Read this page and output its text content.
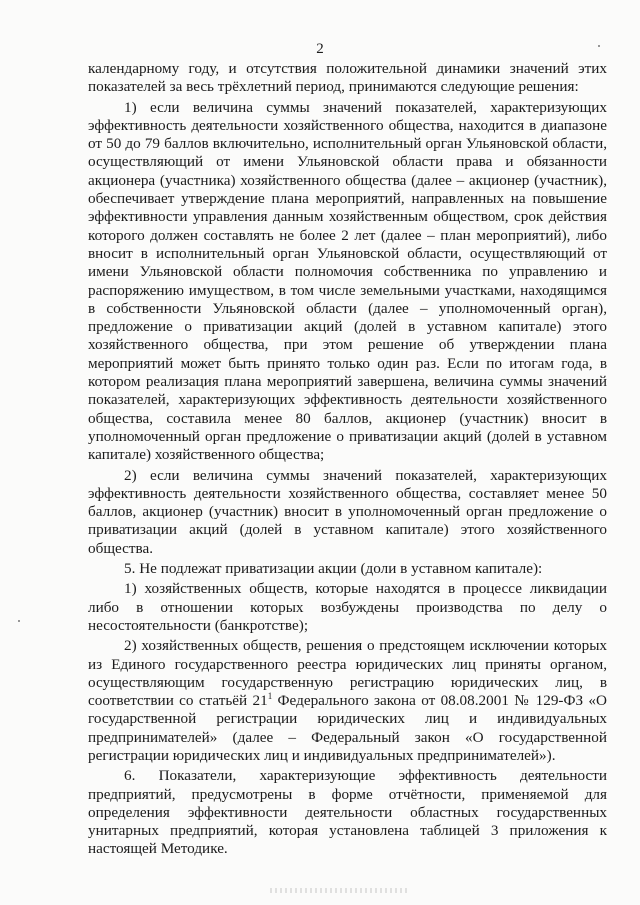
2

календарному году, и отсутствия положительной динамики значений этих показателей за весь трёхлетний период, принимаются следующие решения:

1) если величина суммы значений показателей, характеризующих эффективность деятельности хозяйственного общества, находится в диапазоне от 50 до 79 баллов включительно, исполнительный орган Ульяновской области, осуществляющий от имени Ульяновской области права и обязанности акционера (участника) хозяйственного общества (далее – акционер (участник), обеспечивает утверждение плана мероприятий, направленных на повышение эффективности управления данным хозяйственным обществом, срок действия которого должен составлять не более 2 лет (далее – план мероприятий), либо вносит в исполнительный орган Ульяновской области, осуществляющий от имени Ульяновской области полномочия собственника по управлению и распоряжению имуществом, в том числе земельными участками, находящимся в собственности Ульяновской области (далее – уполномоченный орган), предложение о приватизации акций (долей в уставном капитале) этого хозяйственного общества, при этом решение об утверждении плана мероприятий может быть принято только один раз. Если по итогам года, в котором реализация плана мероприятий завершена, величина суммы значений показателей, характеризующих эффективность деятельности хозяйственного общества, составила менее 80 баллов, акционер (участник) вносит в уполномоченный орган предложение о приватизации акций (долей в уставном капитале) хозяйственного общества;

2) если величина суммы значений показателей, характеризующих эффективность деятельности хозяйственного общества, составляет менее 50 баллов, акционер (участник) вносит в уполномоченный орган предложение о приватизации акций (долей в уставном капитале) этого хозяйственного общества.

5. Не подлежат приватизации акции (доли в уставном капитале):

1) хозяйственных обществ, которые находятся в процессе ликвидации либо в отношении которых возбуждены производства по делу о несостоятельности (банкротстве);

2) хозяйственных обществ, решения о предстоящем исключении которых из Единого государственного реестра юридических лиц приняты органом, осуществляющим государственную регистрацию юридических лиц, в соответствии со статьёй $21^1$ Федерального закона от 08.08.2001 № 129-ФЗ «О государственной регистрации юридических лиц и индивидуальных предпринимателей» (далее – Федеральный закон «О государственной регистрации юридических лиц и индивидуальных предпринимателей»).

6. Показатели, характеризующие эффективность деятельности предприятий, предусмотрены в форме отчётности, применяемой для определения эффективности деятельности областных государственных унитарных предприятий, которая установлена таблицей 3 приложения к настоящей Методике.
